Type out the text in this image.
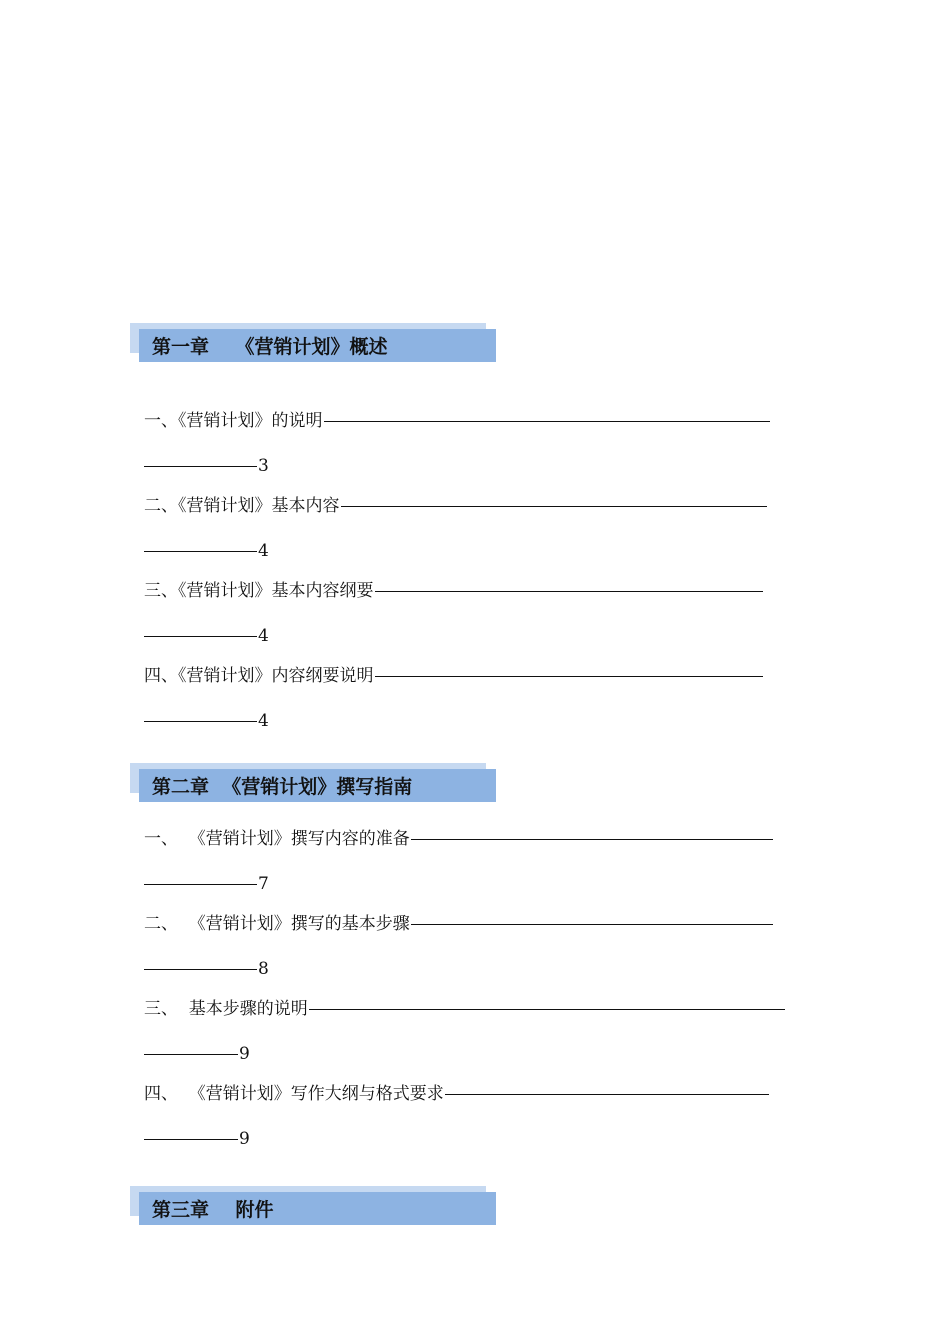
第一章    《营销计划》概述
一、《营销计划》的说明
3
二、《营销计划》基本内容
4
三、《营销计划》基本内容纲要
4
四、《营销计划》内容纲要说明
4
第二章  《营销计划》撰写指南
一、  《营销计划》撰写内容的准备
7
二、  《营销计划》撰写的基本步骤
8
三、  基本步骤的说明
9
四、  《营销计划》写作大纲与格式要求
9
第三章    附件
